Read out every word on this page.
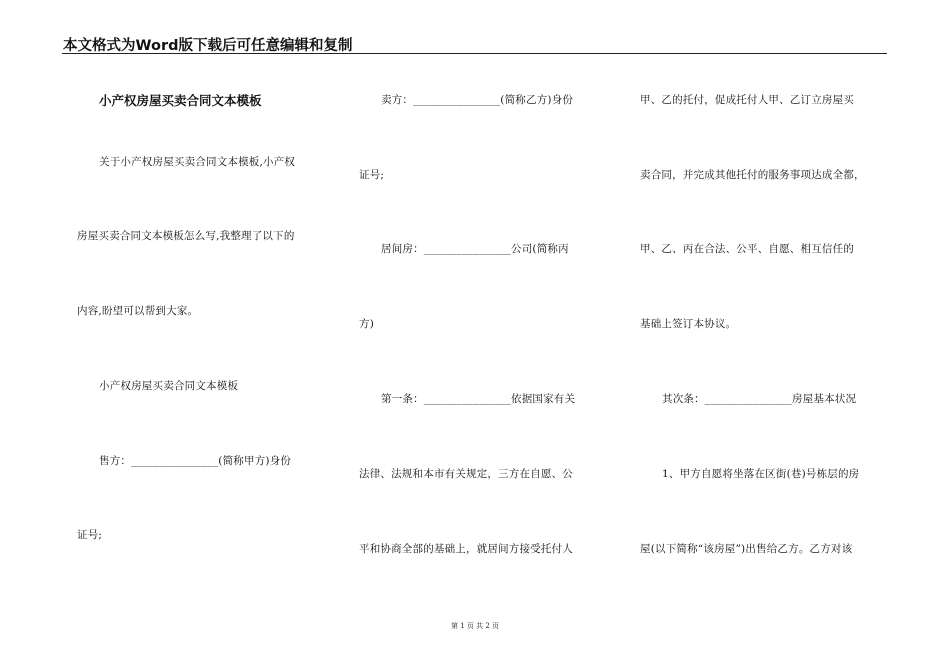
本文格式为Word版下载后可任意编辑和复制
小产权房屋买卖合同文本模板
关于小产权房屋买卖合同文本模板,小产权
房屋买卖合同文本模板怎么写,我整理了以下的
内容,盼望可以帮到大家。
小产权房屋买卖合同文本模板
售方：________________(简称甲方)身份
证号;
卖方：________________(简称乙方)身份
证号;
居间房：________________公司(简称丙
方)
第一条：________________依据国家有关
法律、法规和本市有关规定，三方在自愿、公
平和协商全部的基础上，就居间方接受托付人
甲、乙的托付，促成托付人甲、乙订立房屋买
卖合同，并完成其他托付的服务事项达成全都，
甲、乙、丙在合法、公平、自愿、相互信任的
基础上签订本协议。
其次条：________________房屋基本状况
1、甲方自愿将坐落在区街(巷)号栋层的房
屋(以下简称“该房屋”)出售给乙方。乙方对该
第 1 页 共 2 页
